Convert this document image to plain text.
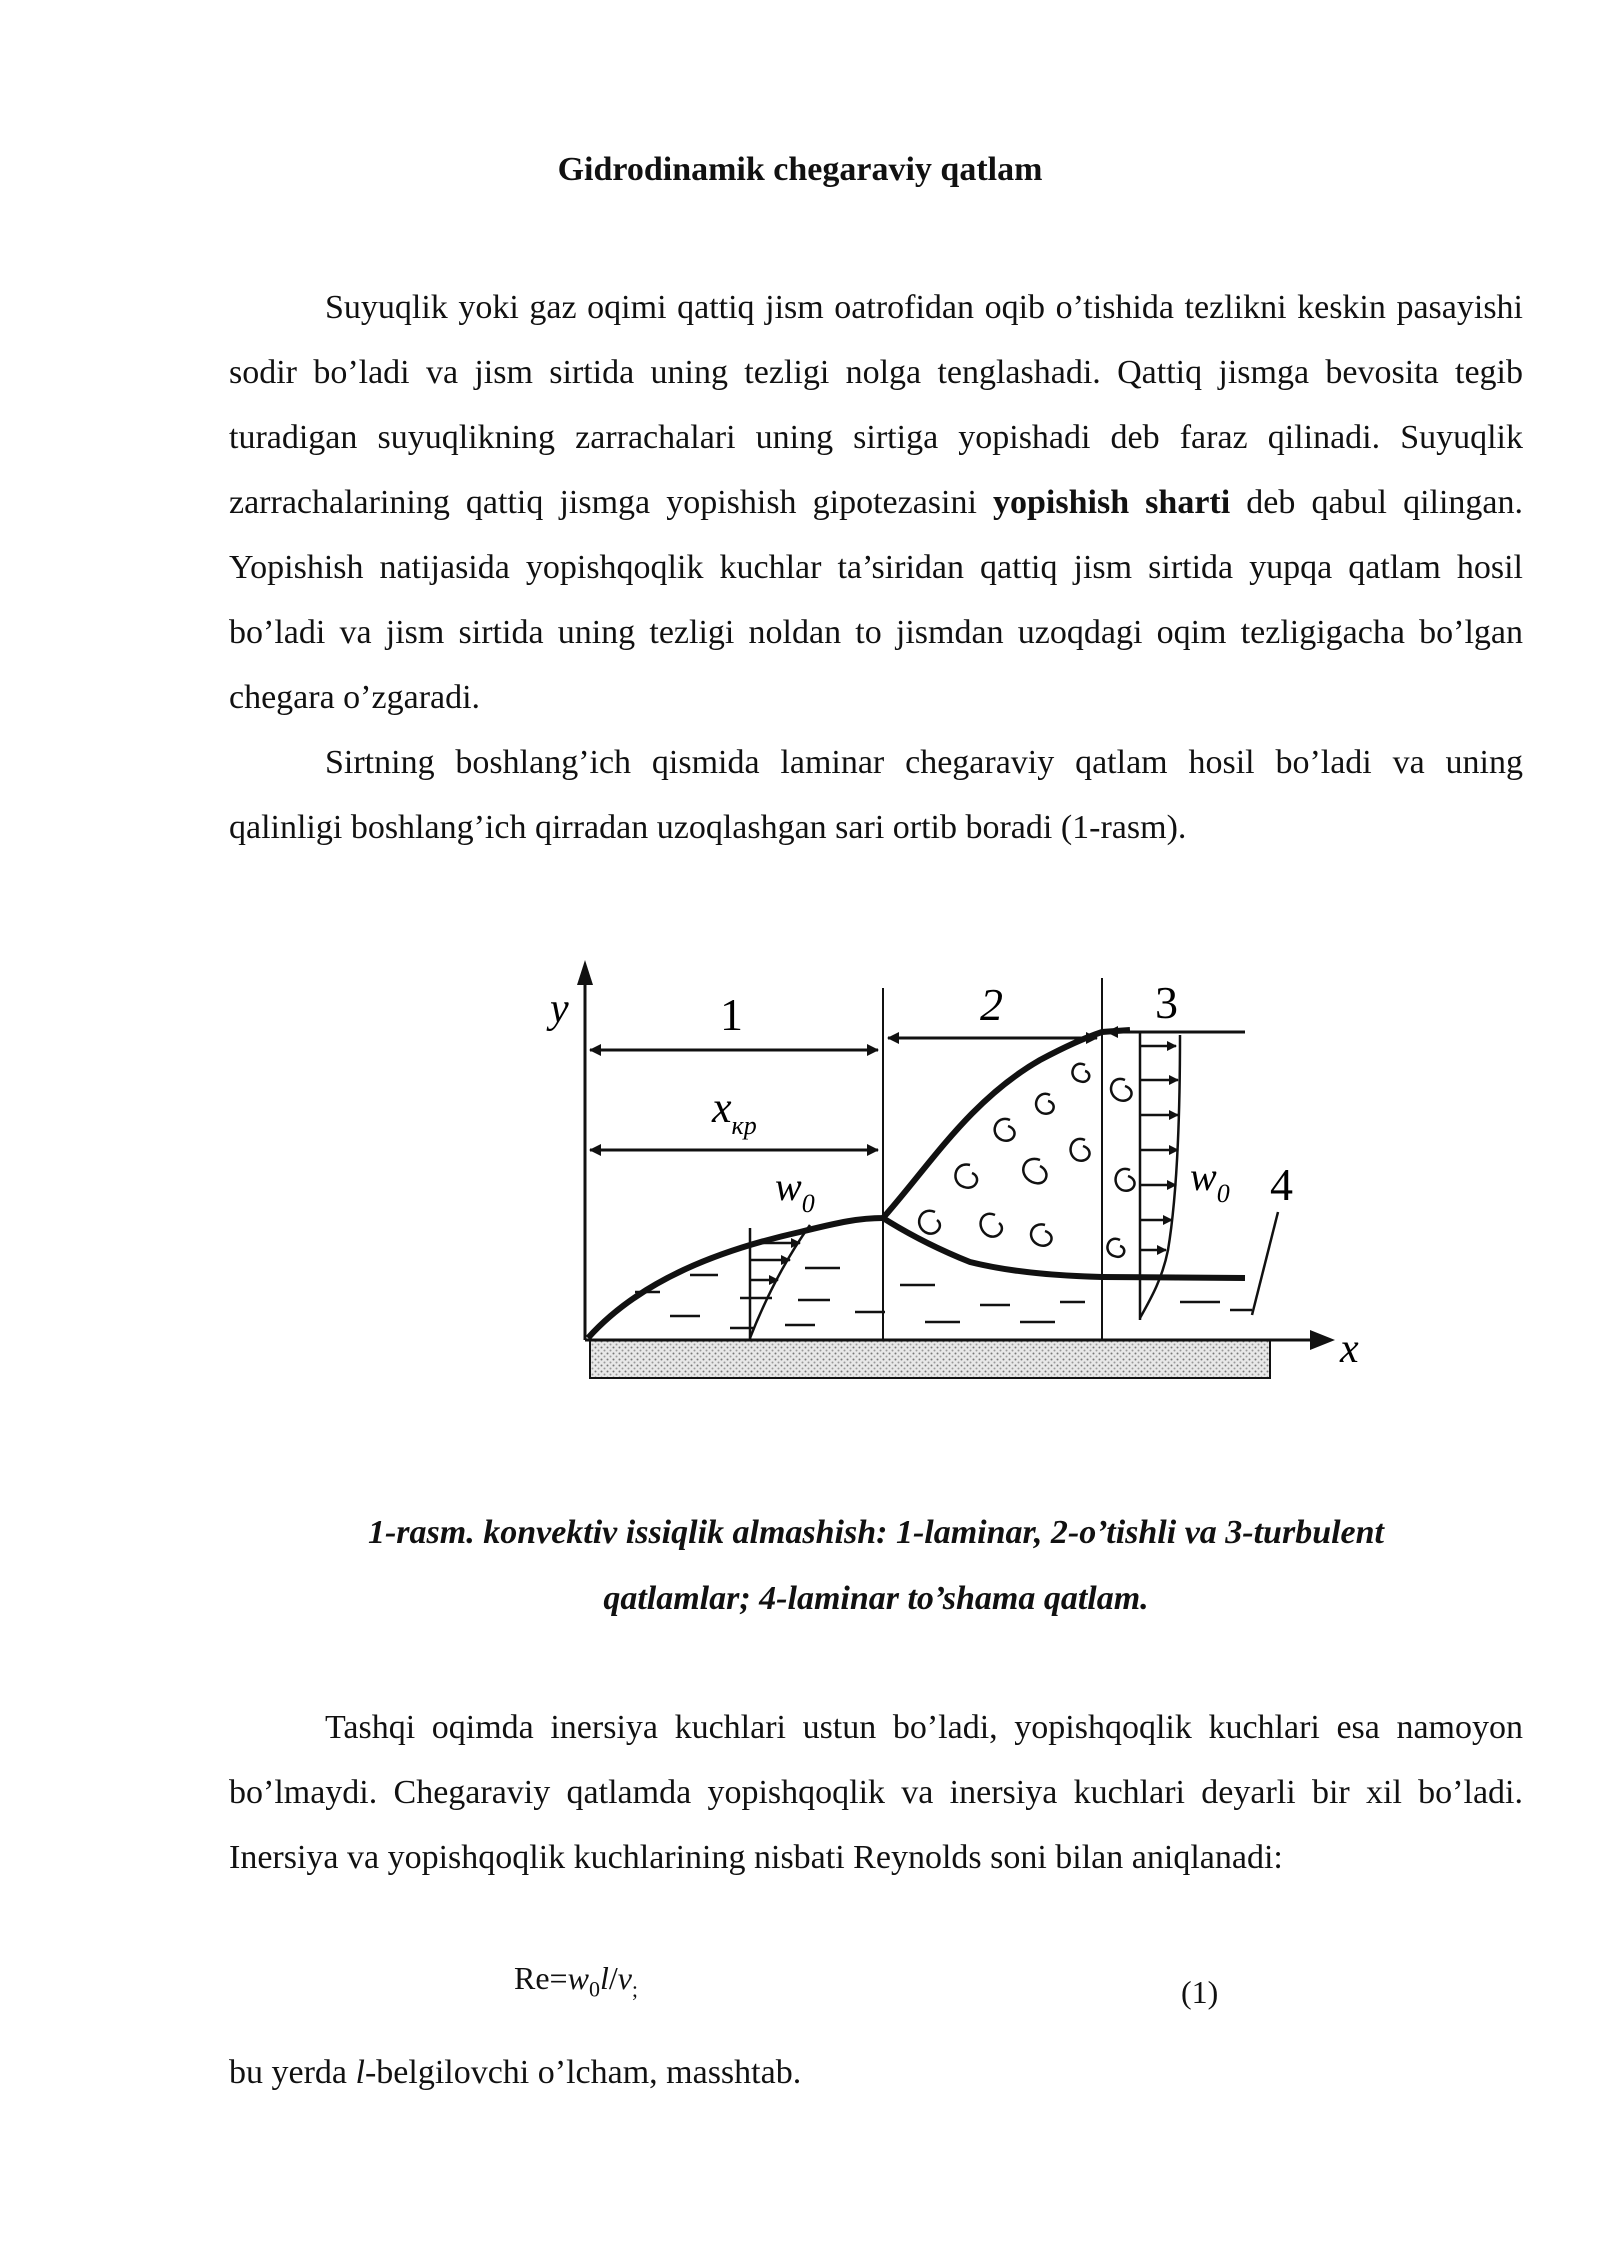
Gidrodinamik chegaraviy qatlam

Suyuqlik yoki gaz oqimi qattiq jism oatrofidan oqib o’tishida tezlikni keskin pasayishi sodir bo’ladi va jism sirtida uning tezligi nolga tenglashadi. Qattiq jismga bevosita tegib turadigan suyuqlikning zarrachalari uning sirtiga yopishadi deb faraz qilinadi. Suyuqlik zarrachalarining qattiq jismga yopishish gipotezasini yopishish sharti deb qabul qilingan. Yopishish natijasida yopishqoqlik kuchlar ta’siridan qattiq jism sirtida yupqa qatlam hosil bo’ladi va jism sirtida uning tezligi noldan to jismdan uzoqdagi oqim tezligigacha bo’lgan chegara o’zgaradi.

Sirtning boshlang’ich qismida laminar chegaraviy qatlam hosil bo’ladi va uning qalinligi boshlang’ich qirradan uzoqlashgan sari ortib boradi (1-rasm).

y
x
1	2	3
4
$x_{кр}$
$w_0$
$w_0$
1-rasm. konvektiv issiqlik almashish: 1-laminar, 2-o’tishli va 3-turbulent
qatlamlar; 4-laminar to’shama qatlam.

Tashqi oqimda inersiya kuchlari ustun bo’ladi, yopishqoqlik kuchlari esa namoyon bo’lmaydi. Chegaraviy qatlamda yopishqoqlik va inersiya kuchlari deyarli bir xil bo’ladi. Inersiya va yopishqoqlik kuchlarining nisbati Reynolds soni bilan aniqlanadi:

$Re=w_0l/v_;$	(1)
bu yerda l-belgilovchi o’lcham, masshtab.
